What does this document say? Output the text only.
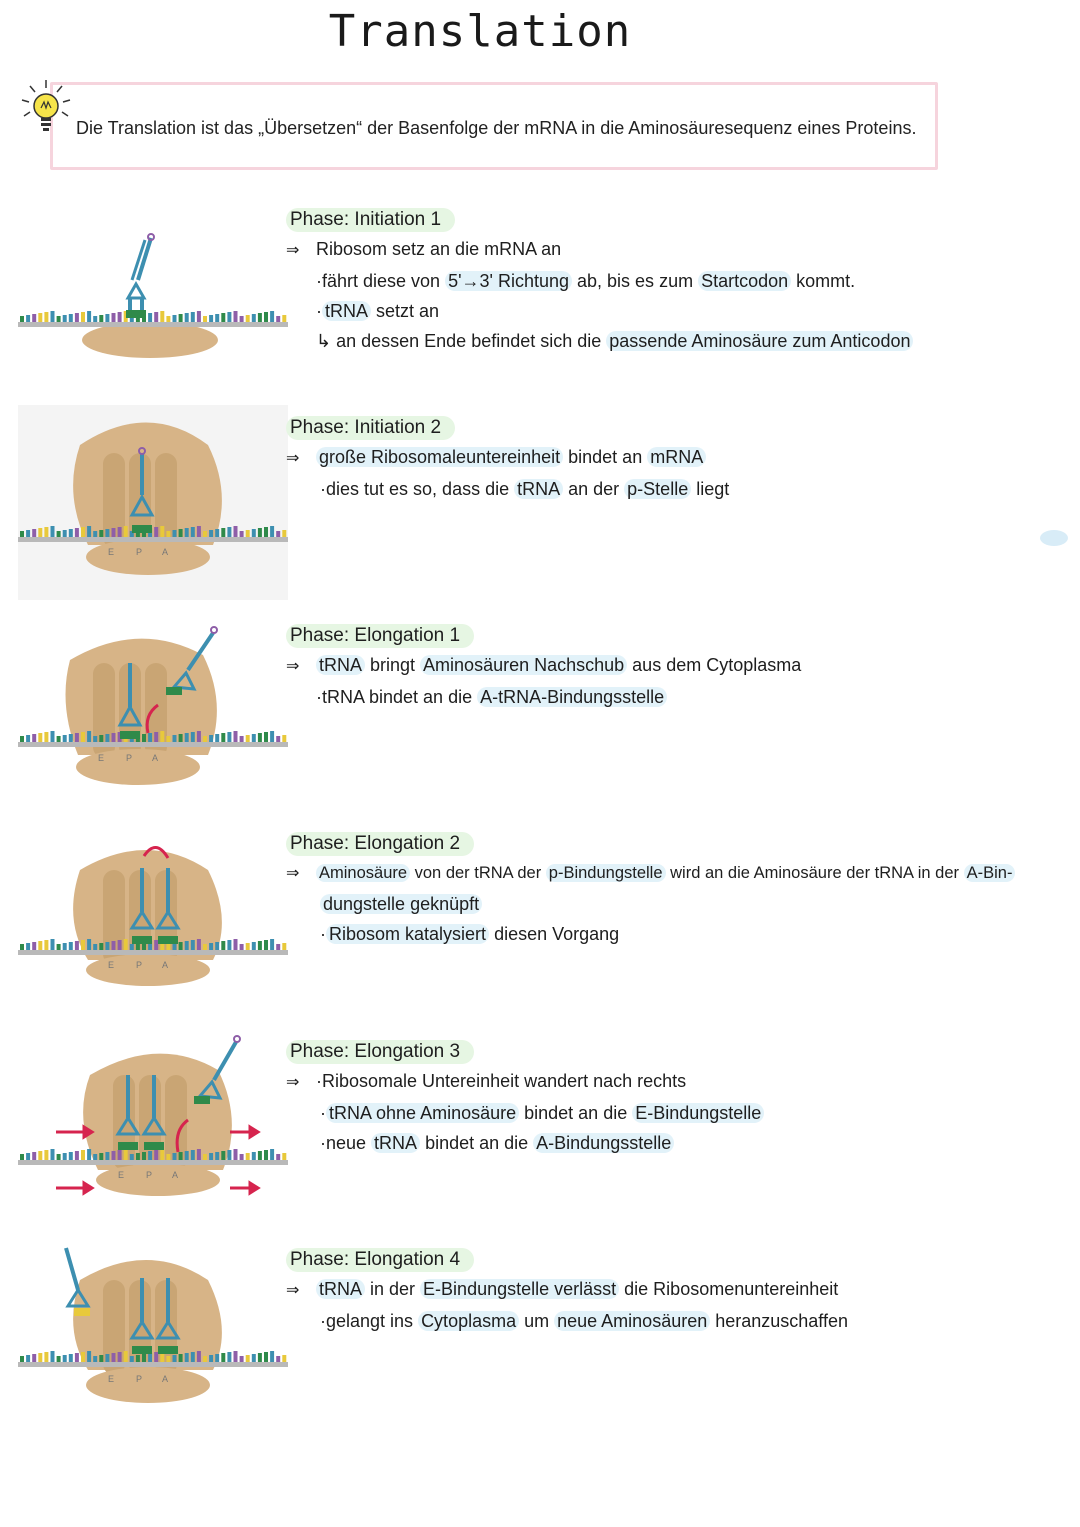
Translation
Die Translation ist das „Übersetzen“ der Basenfolge der mRNA in die Aminosäuresequenz eines Proteins.
Phase: Initiation 1
⇒ Ribosom setz an die mRNA an
·fährt diese von 5'→3' Richtung ab, bis es zum Startcodon kommt.
· tRNA setzt an
↳ an dessen Ende befindet sich die passende Aminosäure zum Anticodon
E P A
Phase: Initiation 2
⇒ große Ribosomaleuntereinheit bindet an mRNA
·dies tut es so, dass die tRNA an der p-Stelle liegt
E P A
Phase: Elongation 1
⇒ tRNA bringt Aminosäuren Nachschub aus dem Cytoplasma
·tRNA bindet an die A-tRNA-Bindungsstelle
E P A
Phase: Elongation 2
⇒ Aminosäure von der tRNA der p-Bindungstelle wird an die Aminosäure der tRNA in der A-Bin-
dungstelle geknüpft
· Ribosom katalysiert diesen Vorgang
E P A
Phase: Elongation 3
⇒ ·Ribosomale Untereinheit wandert nach rechts
· tRNA ohne Aminosäure bindet an die E-Bindungstelle
·neue tRNA bindet an die A-Bindungsstelle
E P A
Phase: Elongation 4
⇒ tRNA in der E-Bindungstelle verlässt die Ribosomenuntereinheit
·gelangt ins Cytoplasma um neue Aminosäuren heranzuschaffen
